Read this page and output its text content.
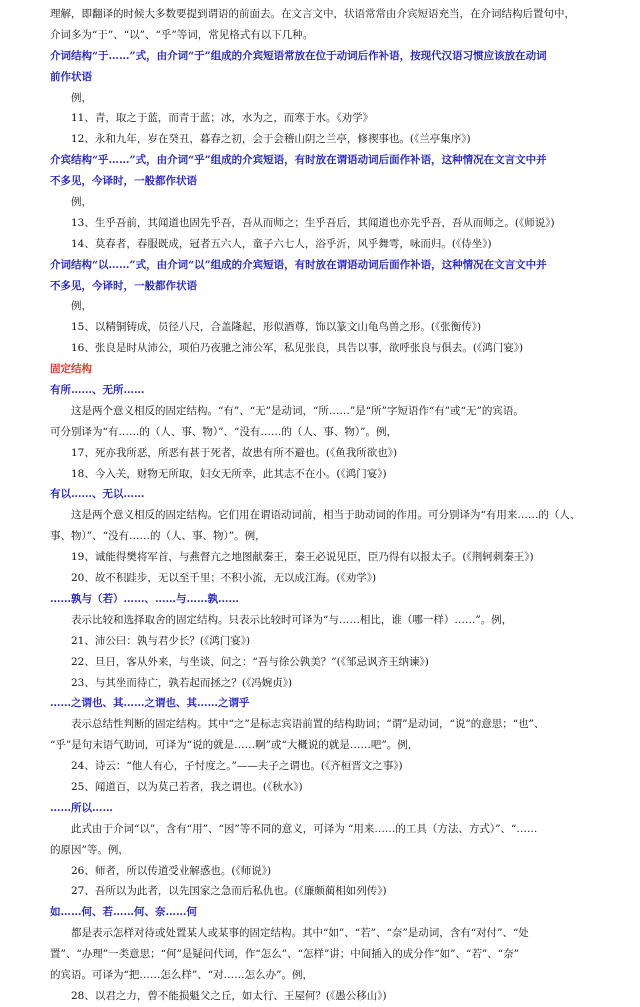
理解，即翻译的时候大多数要提到谓语的前面去。在文言文中，状语常常由介宾短语充当，在介词结构后置句中，
介词多为“于”、“以”、“乎”等词，常见格式有以下几种。
介词结构“于……”式，由介词“于”组成的介宾短语常放在位于动词后作补语，按现代汉语习惯应该放在动词
前作状语
例，
11、青，取之于蓝，而青于蓝；冰，水为之，而寒于水。《劝学》
12、永和九年，岁在癸丑，暮春之初，会于会稽山阴之兰亭，修禊事也。(《兰亭集序》)
介宾结构“乎……”式，由介词“乎”组成的介宾短语，有时放在谓语动词后面作补语，这种情况在文言文中并
不多见，今译时，一般都作状语
例，
13、生乎吾前，其闻道也固先乎吾，吾从而师之；生乎吾后，其闻道也亦先乎吾，吾从而师之。(《师说》)
14、莫春者，春服既成，冠者五六人，童子六七人，浴乎沂，风乎舞雩，咏而归。(《侍坐》)
介词结构“以……”式，由介词“以”组成的介宾短语，有时放在谓语动词后面作补语，这种情况在文言文中并
不多见，今译时，一般都作状语
例，
15、以精铜铸成，员径八尺，合盖隆起，形似酒尊，饰以篆文山龟鸟兽之形。(《张衡传》)
16、张良是时从沛公，项伯乃夜驰之沛公军，私见张良，具告以事，欲呼张良与俱去。(《鸿门宴》)
固定结构
有所……、无所……
这是两个意义相反的固定结构。“有”、“无”是动词，“所……”是“所”字短语作“有”或“无”的宾语。
可分别译为“有……的（人、事、物）”、“没有……的（人、事、物）”。例，
17、死亦我所恶，所恶有甚于死者，故患有所不避也。(《鱼我所欲也》)
18、今入关，财物无所取，妇女无所幸，此其志不在小。(《鸿门宴》)
有以……、无以……
这是两个意义相反的固定结构。它们用在谓语动词前，相当于助动词的作用。可分别译为“有用来……的（人、
事、物）”、“没有……的（人、事、物）”。例，
19、诚能得樊将军首，与燕督亢之地图献秦王，秦王必说见臣，臣乃得有以报太子。(《荆轲刺秦王》)
20、故不积跬步，无以至千里；不积小流，无以成江海。(《劝学》)
……孰与（若）……、……与……孰……
表示比较和选择取舍的固定结构。只表示比较时可译为“与……相比，谁（哪一样）……”。例，
21、沛公曰：孰与君少长？(《鸿门宴》)
22、旦日，客从外来，与坐谈，问之：“吾与徐公孰美？”(《邹忌讽齐王纳谏》)
23、与其坐而待亡，孰若起而拯之？(《冯婉贞》)
……之谓也、其……之谓也、其……之谓乎
表示总结性判断的固定结构。其中“之”是标志宾语前置的结构助词；“谓”是动词，“说”的意思；“也”、
“乎”是句末语气助词，可译为“说的就是……啊”或“大概说的就是……吧”。例，
24、诗云：“他人有心，子忖度之。”——夫子之谓也。(《齐桓晋文之事》)
25、闻道百，以为莫己若者，我之谓也。(《秋水》)
……所以……
此式由于介词“以”，含有“用”、“因”等不同的意义，可译为 “用来……的工具（方法、方式）”、“……
的原因”等。例，
26、师者，所以传道受业解惑也。(《师说》)
27、吾所以为此者，以先国家之急而后私仇也。(《廉颇蔺相如列传》)
如……何、若……何、奈……何
都是表示怎样对待或处置某人或某事的固定结构。其中“如”、“若”、“奈”是动词，含有“对付”、“处
置”、“办理”一类意思；“何”是疑问代词，作“怎么”、“怎样”讲；中间插入的成分作“如”、“若”、“奈”
的宾语。可译为“把……怎么样”、“对……怎么办”。例，
28、以君之力，曾不能损魁父之丘，如太行、王屋何？(《愚公移山》)
